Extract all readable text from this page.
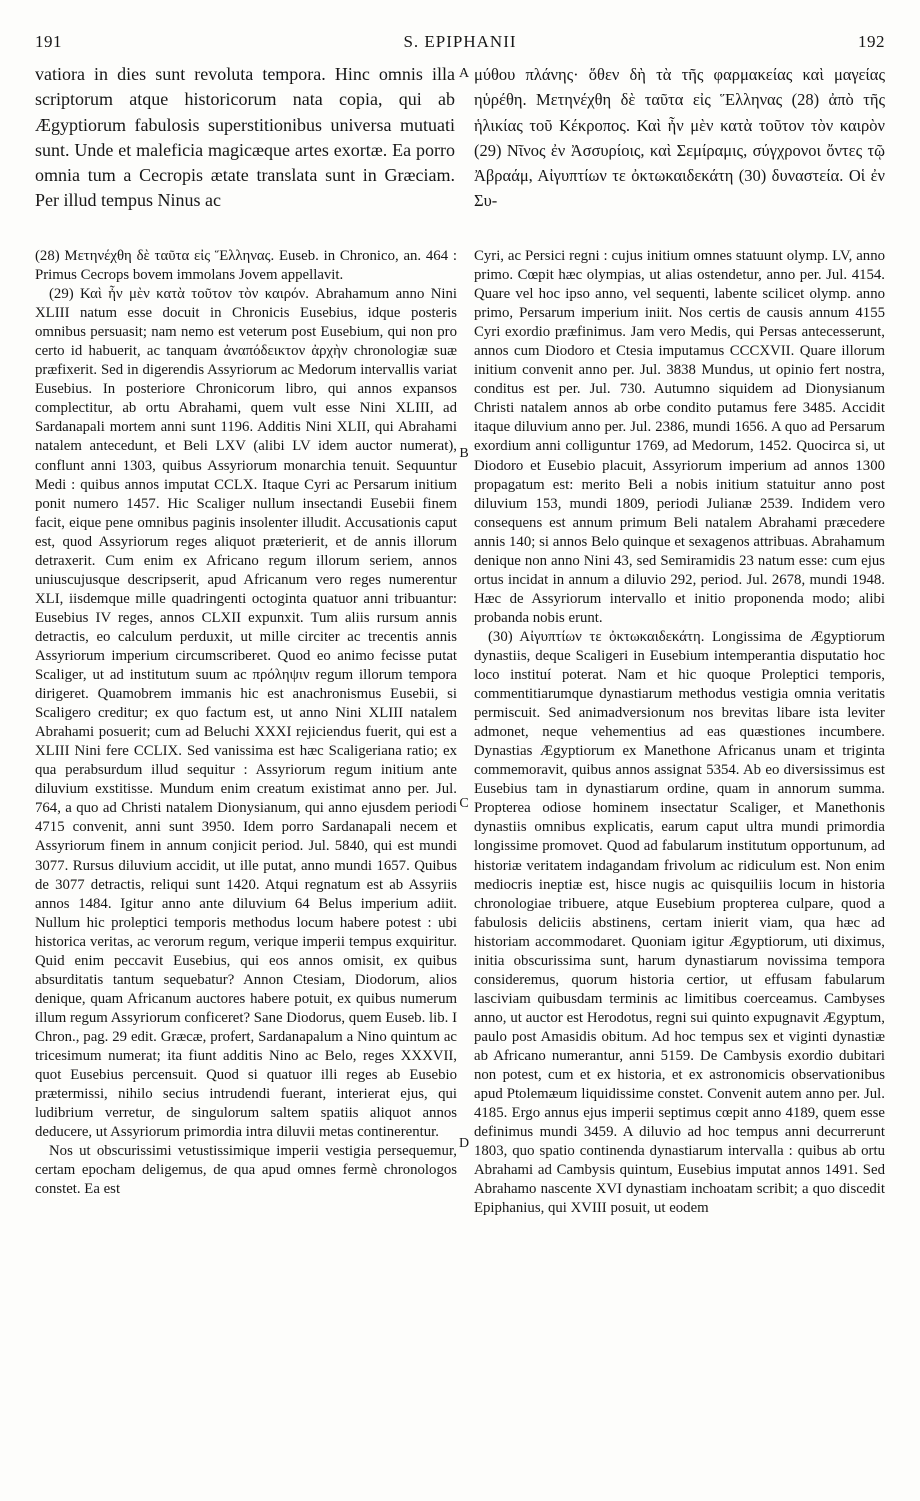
191	S. EPIPHANII	192

vatiora in dies sunt revoluta tempora. Hinc omnis illa scriptorum atque historicorum nata copia, qui ab Ægyptiorum fabulosis superstitionibus universa mutuati sunt. Unde et maleficia magicæque artes exortæ. Ea porro omnia tum a Cecropis ætate translata sunt in Græciam. Per illud tempus Ninus ac

μύθου πλάνης· ὅθεν δὴ τὰ τῆς φαρμακείας καὶ μαγείας ηὑρέθη. Μετηνέχθη δὲ ταῦτα εἰς Ἕλληνας (28) ἀπὸ τῆς ἡλικίας τοῦ Κέκροπος. Καὶ ἦν μὲν κατὰ τοῦτον τὸν καιρὸν (29) Νῖνος ἐν Ἀσσυρίοις, καὶ Σεμίραμις, σύγχρονοι ὄντες τῷ Ἀβραάμ, Αἰγυπτίων τε ὀκτωκαιδεκάτη (30) δυναστεία. Οἱ ἐν Συ-

A
B
C
D

(28) Μετηνέχθη δὲ ταῦτα εἰς Ἕλληνας. Euseb. in Chronico, an. 464 : Primus Cecrops bovem immolans Jovem appellavit.

(29) Καὶ ἦν μὲν κατὰ τοῦτον τὸν καιρόν. Abrahamum anno Nini XLIII natum esse docuit in Chronicis Eusebius, idque posteris omnibus persuasit; nam nemo est veterum post Eusebium, qui non pro certo id habuerit, ac tanquam ἀναπόδεικτον ἀρχὴν chronologiæ suæ præfixerit. Sed in digerendis Assyriorum ac Medorum intervallis variat Eusebius. In posteriore Chronicorum libro, qui annos expansos complectitur, ab ortu Abrahami, quem vult esse Nini XLIII, ad Sardanapali mortem anni sunt 1196. Additis Nini XLII, qui Abrahami natalem antecedunt, et Beli LXV (alibi LV idem auctor numerat), conflunt anni 1303, quibus Assyriorum monarchia tenuit. Sequuntur Medi : quibus annos imputat CCLX. Itaque Cyri ac Persarum initium ponit numero 1457. Hic Scaliger nullum insectandi Eusebii finem facit, eique pene omnibus paginis insolenter illudit. Accusationis caput est, quod Assyriorum reges aliquot præterierit, et de annis illorum detraxerit. Cum enim ex Africano regum illorum seriem, annos uniuscujusque descripserit, apud Africanum vero reges numerentur XLI, iisdemque mille quadringenti octoginta quatuor anni tribuantur: Eusebius IV reges, annos CLXII expunxit. Tum aliis rursum annis detractis, eo calculum perduxit, ut mille circiter ac trecentis annis Assyriorum imperium circumscriberet. Quod eo animo fecisse putat Scaliger, ut ad institutum suum ac πρόληψιν regum illorum tempora dirigeret. Quamobrem immanis hic est anachronismus Eusebii, si Scaligero creditur; ex quo factum est, ut anno Nini XLIII natalem Abrahami posuerit; cum ad Beluchi XXXI rejiciendus fuerit, qui est a XLIII Nini fere CCLIX. Sed vanissima est hæc Scaligeriana ratio; ex qua perabsurdum illud sequitur : Assyriorum regum initium ante diluvium exstitisse. Mundum enim creatum existimat anno per. Jul. 764, a quo ad Christi natalem Dionysianum, qui anno ejusdem periodi 4715 convenit, anni sunt 3950. Idem porro Sardanapali necem et Assyriorum finem in annum conjicit period. Jul. 5840, qui est mundi 3077. Rursus diluvium accidit, ut ille putat, anno mundi 1657. Quibus de 3077 detractis, reliqui sunt 1420. Atqui regnatum est ab Assyriis annos 1484. Igitur anno ante diluvium 64 Belus imperium adiit. Nullum hic proleptici temporis methodus locum habere potest : ubi historica veritas, ac verorum regum, verique imperii tempus exquiritur. Quid enim peccavit Eusebius, qui eos annos omisit, ex quibus absurditatis tantum sequebatur? Annon Ctesiam, Diodorum, alios denique, quam Africanum auctores habere potuit, ex quibus numerum illum regum Assyriorum conficeret? Sane Diodorus, quem Euseb. lib. I Chron., pag. 29 edit. Græcæ, profert, Sardanapalum a Nino quintum ac tricesimum numerat; ita fiunt additis Nino ac Belo, reges XXXVII, quot Eusebius percensuit. Quod si quatuor illi reges ab Eusebio prætermissi, nihilo secius intrudendi fuerant, interierat ejus, qui ludibrium verretur, de singulorum saltem spatiis aliquot annos deducere, ut Assyriorum primordia intra diluvii metas continerentur.

Nos ut obscurissimi vetustissimique imperii vestigia persequemur, certam epocham deligemus, de qua apud omnes fermè chronologos constet. Ea est

Cyri, ac Persici regni : cujus initium omnes statuunt olymp. LV, anno primo. Cœpit hæc olympias, ut alias ostendetur, anno per. Jul. 4154. Quare vel hoc ipso anno, vel sequenti, labente scilicet olymp. anno primo, Persarum imperium iniit. Nos certis de causis annum 4155 Cyri exordio præfinimus. Jam vero Medis, qui Persas antecesserunt, annos cum Diodoro et Ctesia imputamus CCCXVII. Quare illorum initium convenit anno per. Jul. 3838 Mundus, ut opinio fert nostra, conditus est per. Jul. 730. Autumno siquidem ad Dionysianum Christi natalem annos ab orbe condito putamus fere 3485. Accidit itaque diluvium anno per. Jul. 2386, mundi 1656. A quo ad Persarum exordium anni colliguntur 1769, ad Medorum, 1452. Quocirca si, ut Diodoro et Eusebio placuit, Assyriorum imperium ad annos 1300 propagatum est: merito Beli a nobis initium statuitur anno post diluvium 153, mundi 1809, periodi Julianæ 2539. Indidem vero consequens est annum primum Beli natalem Abrahami præcedere annis 140; si annos Belo quinque et sexagenos attribuas. Abrahamum denique non anno Nini 43, sed Semiramidis 23 natum esse: cum ejus ortus incidat in annum a diluvio 292, period. Jul. 2678, mundi 1948. Hæc de Assyriorum intervallo et initio proponenda modo; alibi probanda nobis erunt.

(30) Αἰγυπτίων τε ὀκτωκαιδεκάτη. Longissima de Ægyptiorum dynastiis, deque Scaligeri in Eusebium intemperantia disputatio hoc loco instituí poterat. Nam et hic quoque Proleptici temporis, commentitiarumque dynastiarum methodus vestigia omnia veritatis permiscuit. Sed animadversionum nos brevitas libare ista leviter admonet, neque vehementius ad eas quæstiones incumbere. Dynastias Ægyptiorum ex Manethone Africanus unam et triginta commemoravit, quibus annos assignat 5354. Ab eo diversissimus est Eusebius tam in dynastiarum ordine, quam in annorum summa. Propterea odiose hominem insectatur Scaliger, et Manethonis dynastiis omnibus explicatis, earum caput ultra mundi primordia longissime promovet. Quod ad fabularum institutum opportunum, ad historiæ veritatem indagandam frivolum ac ridiculum est. Non enim mediocris ineptiæ est, hisce nugis ac quisquiliis locum in historia chronologiae tribuere, atque Eusebium propterea culpare, quod a fabulosis deliciis abstinens, certam inierit viam, qua hæc ad historiam accommodaret. Quoniam igitur Ægyptiorum, uti diximus, initia obscurissima sunt, harum dynastiarum novissima tempora consideremus, quorum historia certior, ut effusam fabularum lasciviam quibusdam terminis ac limitibus coerceamus. Cambyses anno, ut auctor est Herodotus, regni sui quinto expugnavit Ægyptum, paulo post Amasidis obitum. Ad hoc tempus sex et viginti dynastiæ ab Africano numerantur, anni 5159. De Cambysis exordio dubitari non potest, cum et ex historia, et ex astronomicis observationibus apud Ptolemæum liquidissime constet. Convenit autem anno per. Jul. 4185. Ergo annus ejus imperii septimus cœpit anno 4189, quem esse definimus mundi 3459. A diluvio ad hoc tempus anni decurrerunt 1803, quo spatio continenda dynastiarum intervalla : quibus ab ortu Abrahami ad Cambysis quintum, Eusebius imputat annos 1491. Sed Abrahamo nascente XVI dynastiam inchoatam scribit; a quo discedit Epiphanius, qui XVIII posuit, ut eodem
